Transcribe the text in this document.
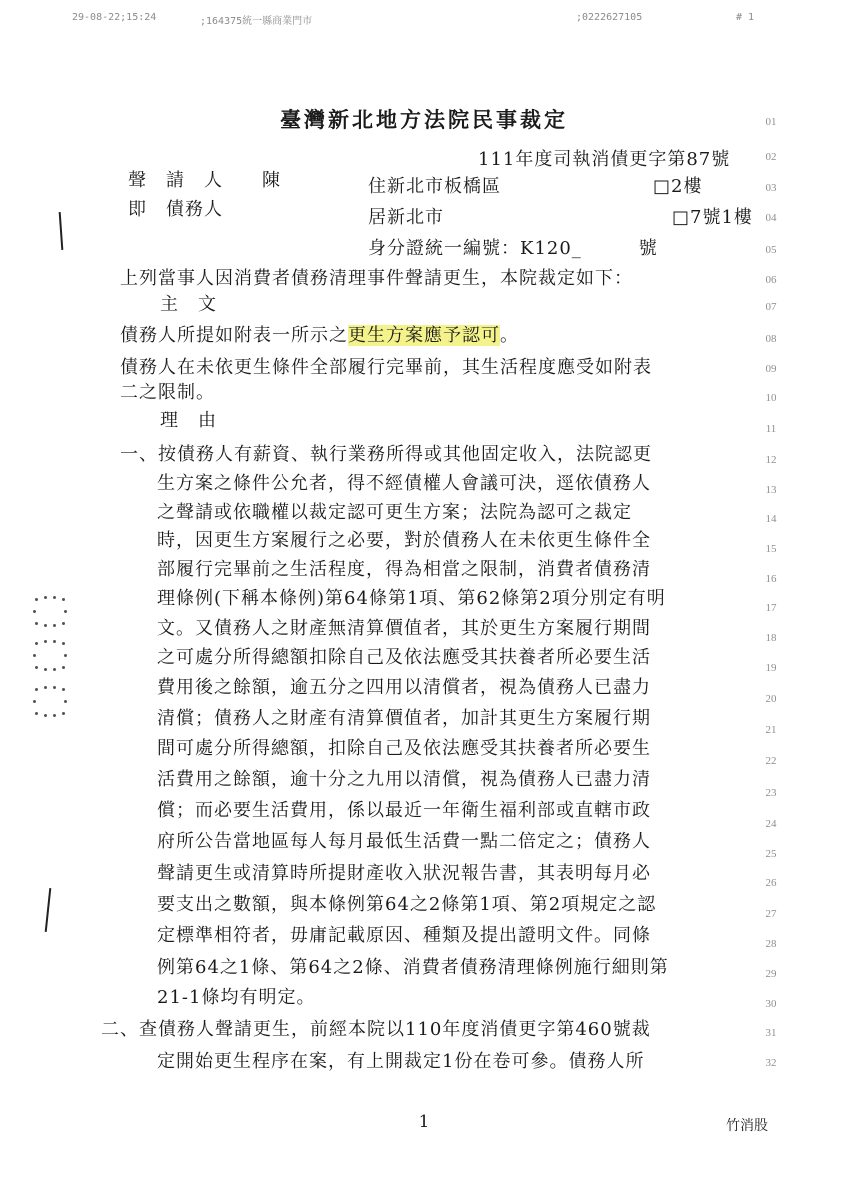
29-08-22;15:24	;164375統一縣商業門市	;0222627105	# 1
臺灣新北地方法院民事裁定
111年度司執消債更字第87號
聲　請　人 陳	住新北市板橋區　　　　　　　　□2樓
即　債務人	居新北市　　　　　　　　　　　　□7號1樓
身分證統一編號：K120_　　　號
上列當事人因消費者債務清理事件聲請更生，本院裁定如下：
主　文
債務人所提如附表一所示之更生方案應予認可。
債務人在未依更生條件全部履行完畢前，其生活程度應受如附表
二之限制。
理　由
一、按債務人有薪資、執行業務所得或其他固定收入，法院認更
生方案之條件公允者，得不經債權人會議可決，逕依債務人
之聲請或依職權以裁定認可更生方案；法院為認可之裁定
時，因更生方案履行之必要，對於債務人在未依更生條件全
部履行完畢前之生活程度，得為相當之限制，消費者債務清
理條例(下稱本條例)第64條第1項、第62條第2項分別定有明
文。又債務人之財產無清算價值者，其於更生方案履行期間
之可處分所得總額扣除自己及依法應受其扶養者所必要生活
費用後之餘額，逾五分之四用以清償者，視為債務人已盡力
清償；債務人之財產有清算價值者，加計其更生方案履行期
間可處分所得總額，扣除自己及依法應受其扶養者所必要生
活費用之餘額，逾十分之九用以清償，視為債務人已盡力清
償；而必要生活費用，係以最近一年衛生福利部或直轄市政
府所公告當地區每人每月最低生活費一點二倍定之；債務人
聲請更生或清算時所提財產收入狀況報告書，其表明每月必
要支出之數額，與本條例第64之2條第1項、第2項規定之認
定標準相符者，毋庸記載原因、種類及提出證明文件。同條
例第64之1條、第64之2條、消費者債務清理條例施行細則第
21-1條均有明定。
二、查債務人聲請更生，前經本院以110年度消債更字第460號裁
定開始更生程序在案，有上開裁定1份在卷可參。債務人所
01
02
03
04
05
06
07
08
09
10
11
12
13
14
15
16
17
18
19
20
21
22
23
24
25
26
27
28
29
30
31
32
1	竹消股
